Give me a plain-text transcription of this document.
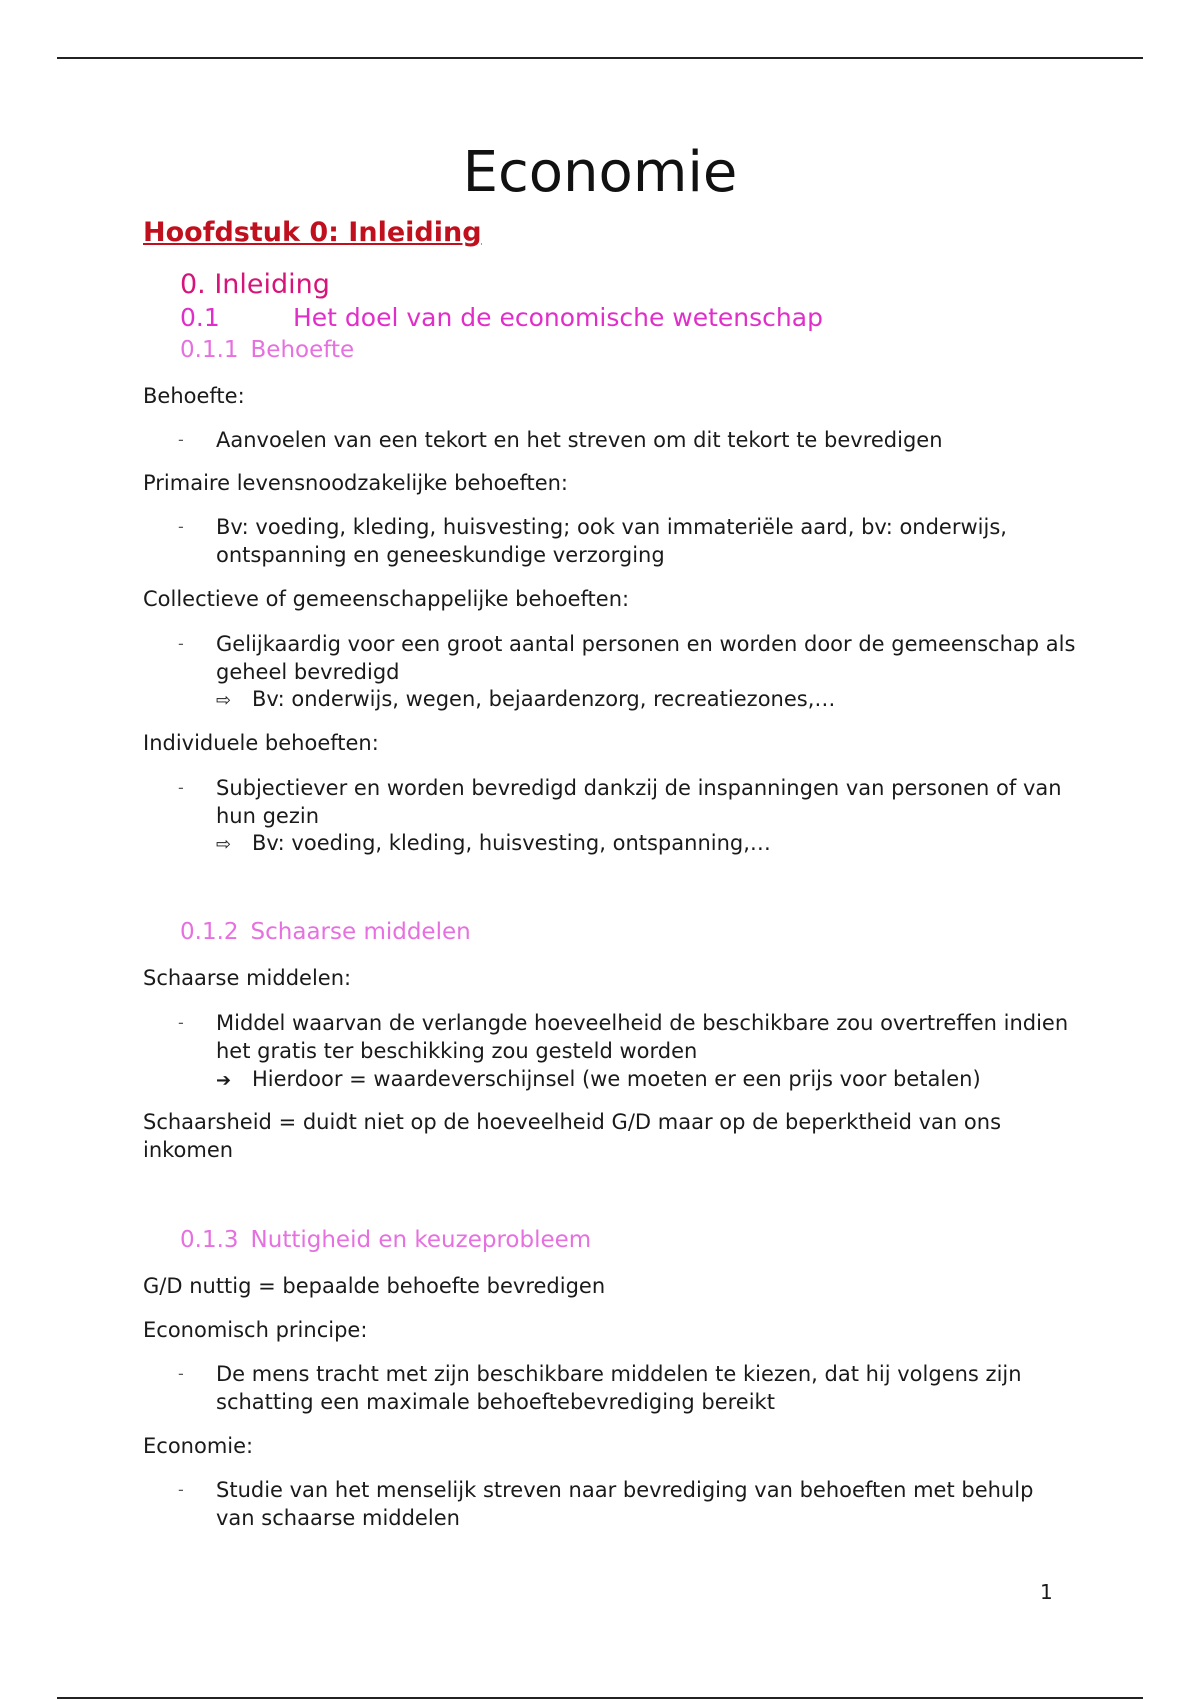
Economie
Hoofdstuk 0: Inleiding
0. Inleiding
0.1	Het doel van de economische wetenschap
0.1.1 Behoefte
Behoefte:
- Aanvoelen van een tekort en het streven om dit tekort te bevredigen
Primaire levensnoodzakelijke behoeften:
- Bv: voeding, kleding, huisvesting; ook van immateriële aard, bv: onderwijs, ontspanning en geneeskundige verzorging
Collectieve of gemeenschappelijke behoeften:
- Gelijkaardig voor een groot aantal personen en worden door de gemeenschap als geheel bevredigd
⇨ Bv: onderwijs, wegen, bejaardenzorg, recreatiezones,…
Individuele behoeften:
- Subjectiever en worden bevredigd dankzij de inspanningen van personen of van hun gezin
⇨ Bv: voeding, kleding, huisvesting, ontspanning,…
0.1.2 Schaarse middelen
Schaarse middelen:
- Middel waarvan de verlangde hoeveelheid de beschikbare zou overtreffen indien het gratis ter beschikking zou gesteld worden
➔ Hierdoor = waardeverschijnsel (we moeten er een prijs voor betalen)
Schaarsheid = duidt niet op de hoeveelheid G/D maar op de beperktheid van ons inkomen
0.1.3 Nuttigheid en keuzeprobleem
G/D nuttig = bepaalde behoefte bevredigen
Economisch principe:
- De mens tracht met zijn beschikbare middelen te kiezen, dat hij volgens zijn schatting een maximale behoeftebevrediging bereikt
Economie:
- Studie van het menselijk streven naar bevrediging van behoeften met behulp van schaarse middelen
1
